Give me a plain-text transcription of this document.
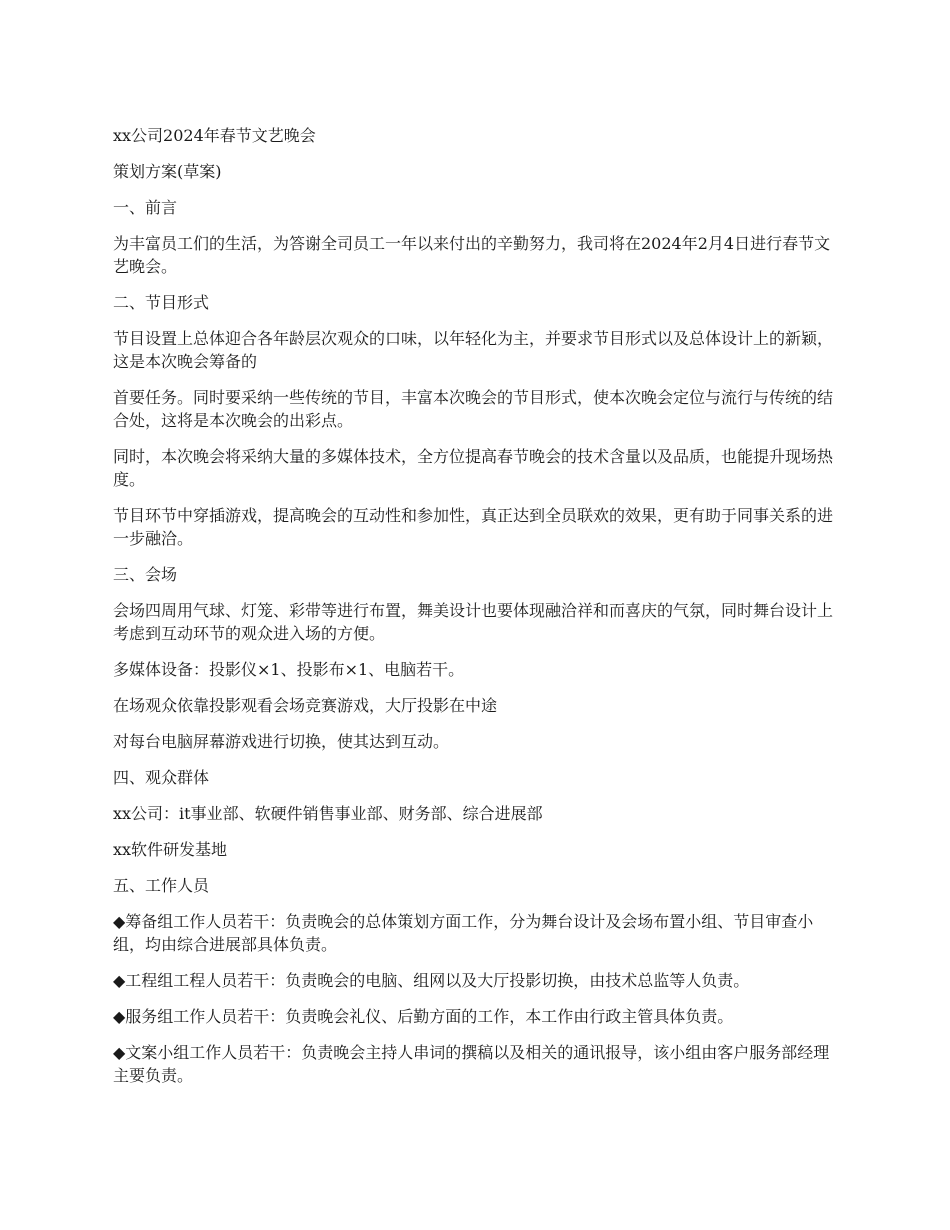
xx公司2024年春节文艺晚会

策划方案(草案)

一、前言

为丰富员工们的生活，为答谢全司员工一年以来付出的辛勤努力，我司将在2024年2月4日进行春节文艺晚会。

二、节目形式

节目设置上总体迎合各年龄层次观众的口味，以年轻化为主，并要求节目形式以及总体设计上的新颖，这是本次晚会筹备的

首要任务。同时要采纳一些传统的节目，丰富本次晚会的节目形式，使本次晚会定位与流行与传统的结合处，这将是本次晚会的出彩点。

同时，本次晚会将采纳大量的多媒体技术，全方位提高春节晚会的技术含量以及品质，也能提升现场热度。

节目环节中穿插游戏，提高晚会的互动性和参加性，真正达到全员联欢的效果，更有助于同事关系的进一步融洽。

三、会场

会场四周用气球、灯笼、彩带等进行布置，舞美设计也要体现融洽祥和而喜庆的气氛，同时舞台设计上考虑到互动环节的观众进入场的方便。

多媒体设备：投影仪×1、投影布×1、电脑若干。

在场观众依靠投影观看会场竞赛游戏，大厅投影在中途

对每台电脑屏幕游戏进行切换，使其达到互动。

四、观众群体

xx公司：it事业部、软硬件销售事业部、财务部、综合进展部

xx软件研发基地

五、工作人员

◆筹备组工作人员若干：负责晚会的总体策划方面工作，分为舞台设计及会场布置小组、节目审查小组，均由综合进展部具体负责。

◆工程组工程人员若干：负责晚会的电脑、组网以及大厅投影切换，由技术总监等人负责。

◆服务组工作人员若干：负责晚会礼仪、后勤方面的工作，本工作由行政主管具体负责。

◆文案小组工作人员若干：负责晚会主持人串词的撰稿以及相关的通讯报导，该小组由客户服务部经理主要负责。
